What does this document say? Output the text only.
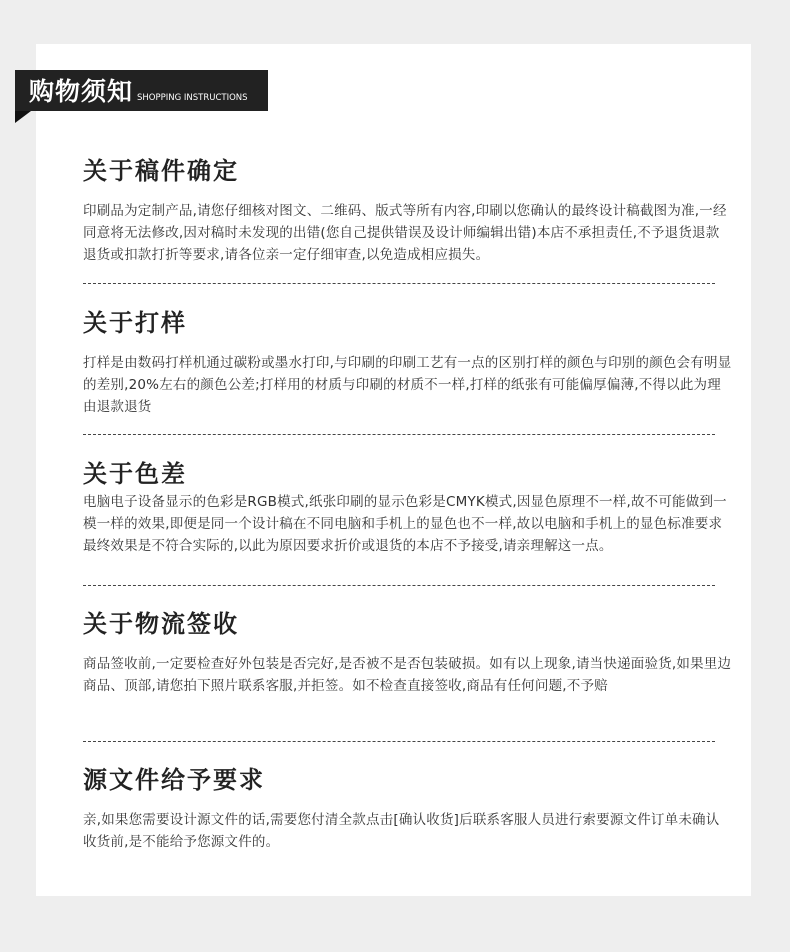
购物须知 SHOPPING INSTRUCTIONS
关于稿件确定

印刷品为定制产品,请您仔细核对图文、二维码、版式等所有内容,印刷以您确认的最终设计稿截图为准,一经同意将无法修改,因对稿时未发现的出错(您自己提供错误及设计师编辑出错)本店不承担责任,不予退货退款退货或扣款打折等要求,请各位亲一定仔细审查,以免造成相应损失。

关于打样

打样是由数码打样机通过碳粉或墨水打印,与印刷的印刷工艺有一点的区别打样的颜色与印别的颜色会有明显的差别,20%左右的颜色公差;打样用的材质与印刷的材质不一样,打样的纸张有可能偏厚偏薄,不得以此为理由退款退货

关于色差

电脑电子设备显示的色彩是RGB模式,纸张印刷的显示色彩是CMYK模式,因显色原理不一样,故不可能做到一模一样的效果,即便是同一个设计稿在不同电脑和手机上的显色也不一样,故以电脑和手机上的显色标准要求最终效果是不符合实际的,以此为原因要求折价或退货的本店不予接受,请亲理解这一点。

关于物流签收

商品签收前,一定要检查好外包装是否完好,是否被不是否包装破损。如有以上现象,请当快递面验货,如果里边商品、顶部,请您拍下照片联系客服,并拒签。如不检查直接签收,商品有任何问题,不予赔

源文件给予要求

亲,如果您需要设计源文件的话,需要您付清全款点击[确认收货]后联系客服人员进行索要源文件订单未确认收货前,是不能给予您源文件的。
